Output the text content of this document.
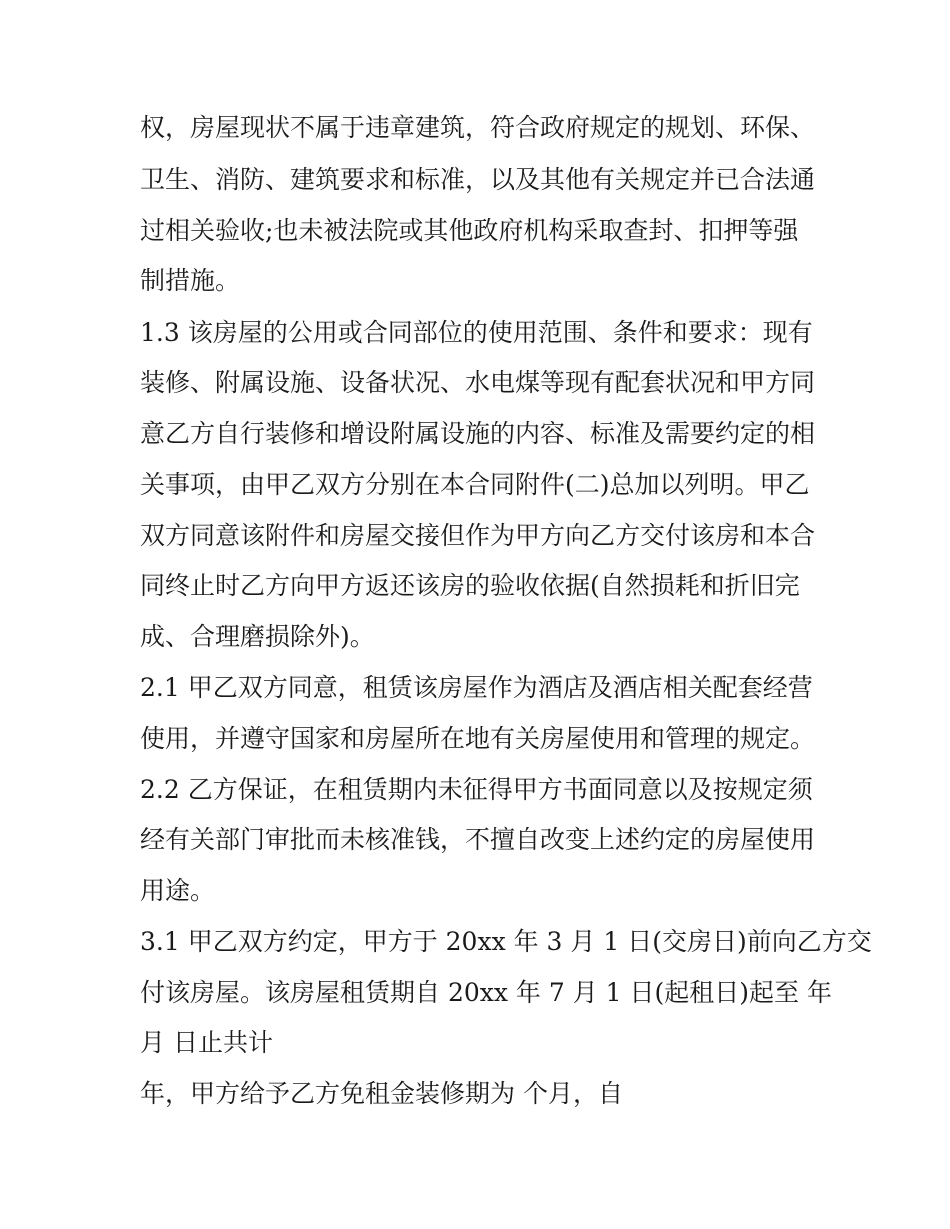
权，房屋现状不属于违章建筑，符合政府规定的规划、环保、
卫生、消防、建筑要求和标准，以及其他有关规定并已合法通
过相关验收;也未被法院或其他政府机构采取查封、扣押等强
制措施。
1.3 该房屋的公用或合同部位的使用范围、条件和要求：现有
装修、附属设施、设备状况、水电煤等现有配套状况和甲方同
意乙方自行装修和增设附属设施的内容、标准及需要约定的相
关事项，由甲乙双方分别在本合同附件(二)总加以列明。甲乙
双方同意该附件和房屋交接但作为甲方向乙方交付该房和本合
同终止时乙方向甲方返还该房的验收依据(自然损耗和折旧完
成、合理磨损除外)。
2.1 甲乙双方同意，租赁该房屋作为酒店及酒店相关配套经营
使用，并遵守国家和房屋所在地有关房屋使用和管理的规定。
2.2 乙方保证，在租赁期内未征得甲方书面同意以及按规定须
经有关部门审批而未核准钱，不擅自改变上述约定的房屋使用
用途。
3.1 甲乙双方约定，甲方于 20xx 年 3 月 1 日(交房日)前向乙方交
付该房屋。该房屋租赁期自 20xx 年 7 月 1 日(起租日)起至 年
月 日止共计
年，甲方给予乙方免租金装修期为 个月，自
